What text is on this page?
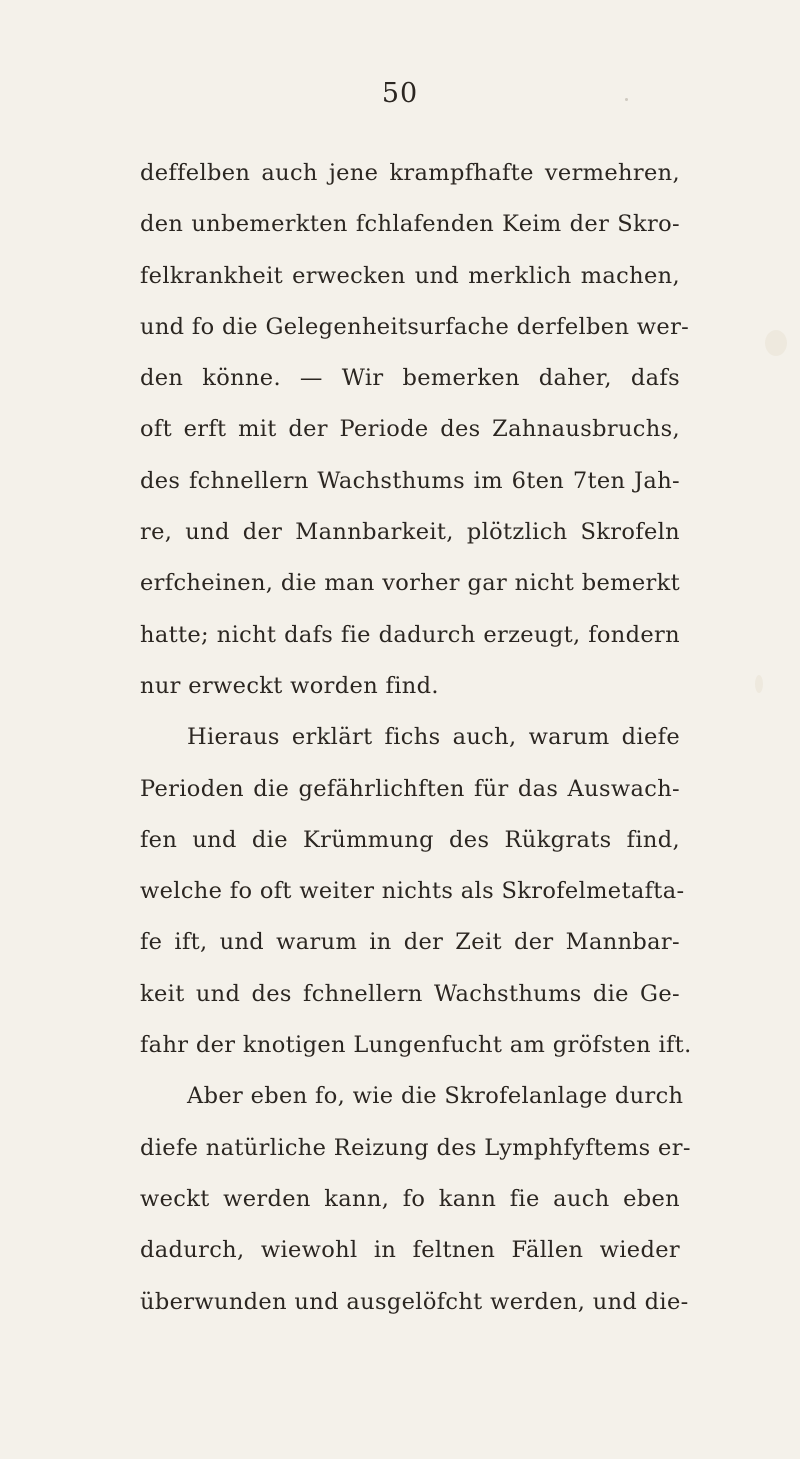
50
deffelben auch jene krampfhafte vermehren,
den unbemerkten fchlafenden Keim der Skro-
felkrankheit erwecken und merklich machen,
und fo die Gelegenheitsurfache derfelben wer-
den könne. — Wir bemerken daher, dafs
oft erft mit der Periode des Zahnausbruchs,
des fchnellern Wachsthums im 6ten 7ten Jah-
re, und der Mannbarkeit, plötzlich Skrofeln
erfcheinen, die man vorher gar nicht bemerkt
hatte; nicht dafs fie dadurch erzeugt, fondern
nur erweckt worden find.
Hieraus erklärt fichs auch, warum diefe
Perioden die gefährlichften für das Auswach-
fen und die Krümmung des Rükgrats find,
welche fo oft weiter nichts als Skrofelmetafta-
fe ift, und warum in der Zeit der Mannbar-
keit und des fchnellern Wachsthums die Ge-
fahr der knotigen Lungenfucht am gröfsten ift.
Aber eben fo, wie die Skrofelanlage durch
diefe natürliche Reizung des Lymphfyftems er-
weckt werden kann, fo kann fie auch eben
dadurch, wiewohl in feltnen Fällen wieder
überwunden und ausgelöfcht werden, und die-
